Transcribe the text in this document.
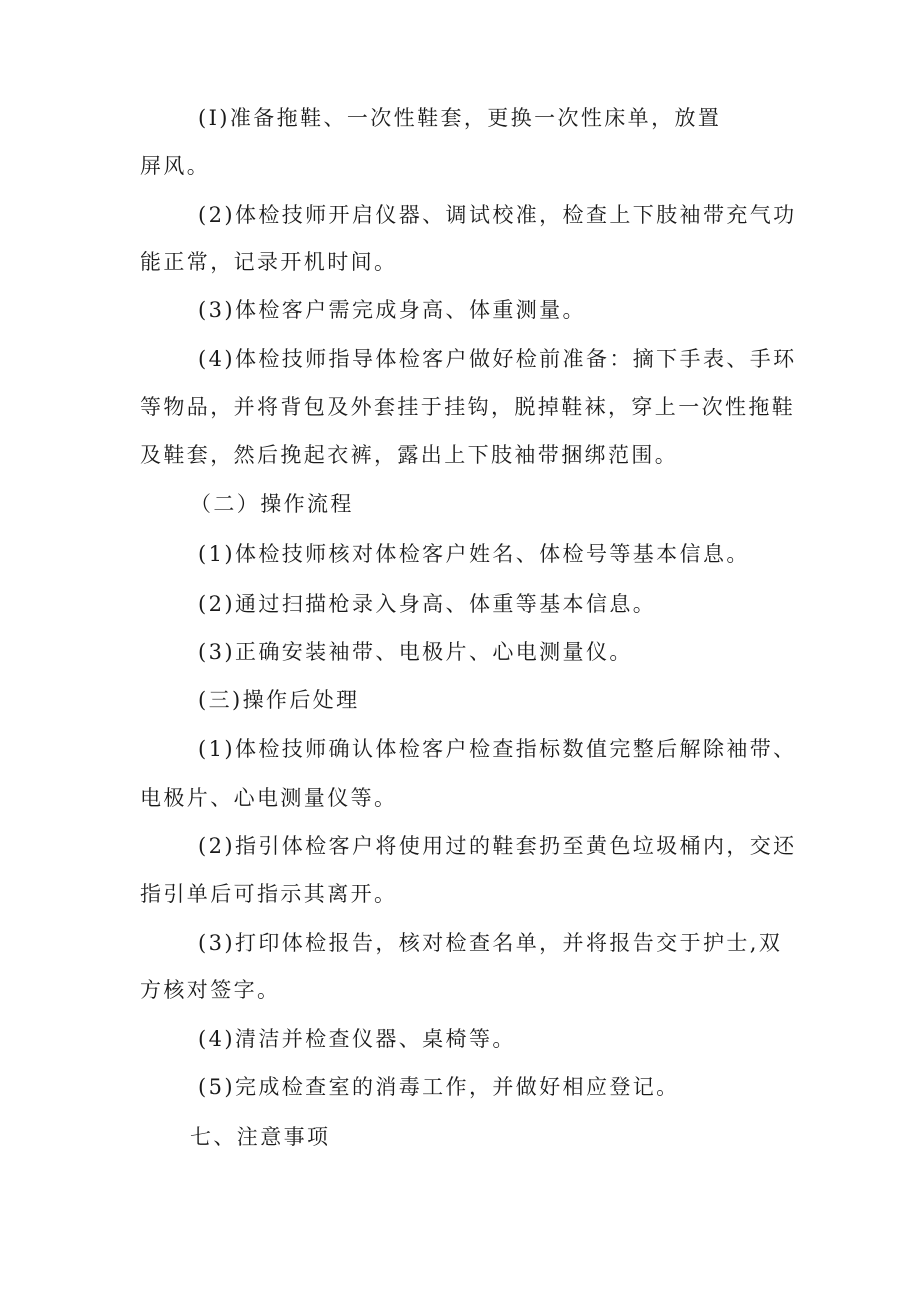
(I)准备拖鞋、一次性鞋套，更换一次性床单，放置
屏风。
(2)体检技师开启仪器、调试校准，检查上下肢袖带充气功
能正常，记录开机时间。
(3)体检客户需完成身高、体重测量。
(4)体检技师指导体检客户做好检前准备：摘下手表、手环
等物品，并将背包及外套挂于挂钩，脱掉鞋袜，穿上一次性拖鞋
及鞋套，然后挽起衣裤，露出上下肢袖带捆绑范围。
（二）操作流程
(1)体检技师核对体检客户姓名、体检号等基本信息。
(2)通过扫描枪录入身高、体重等基本信息。
(3)正确安装袖带、电极片、心电测量仪。
(三)操作后处理
(1)体检技师确认体检客户检查指标数值完整后解除袖带、
电极片、心电测量仪等。
(2)指引体检客户将使用过的鞋套扔至黄色垃圾桶内，交还
指引单后可指示其离开。
(3)打印体检报告，核对检查名单，并将报告交于护士,双
方核对签字。
(4)清洁并检查仪器、桌椅等。
(5)完成检查室的消毒工作，并做好相应登记。
七、注意事项
